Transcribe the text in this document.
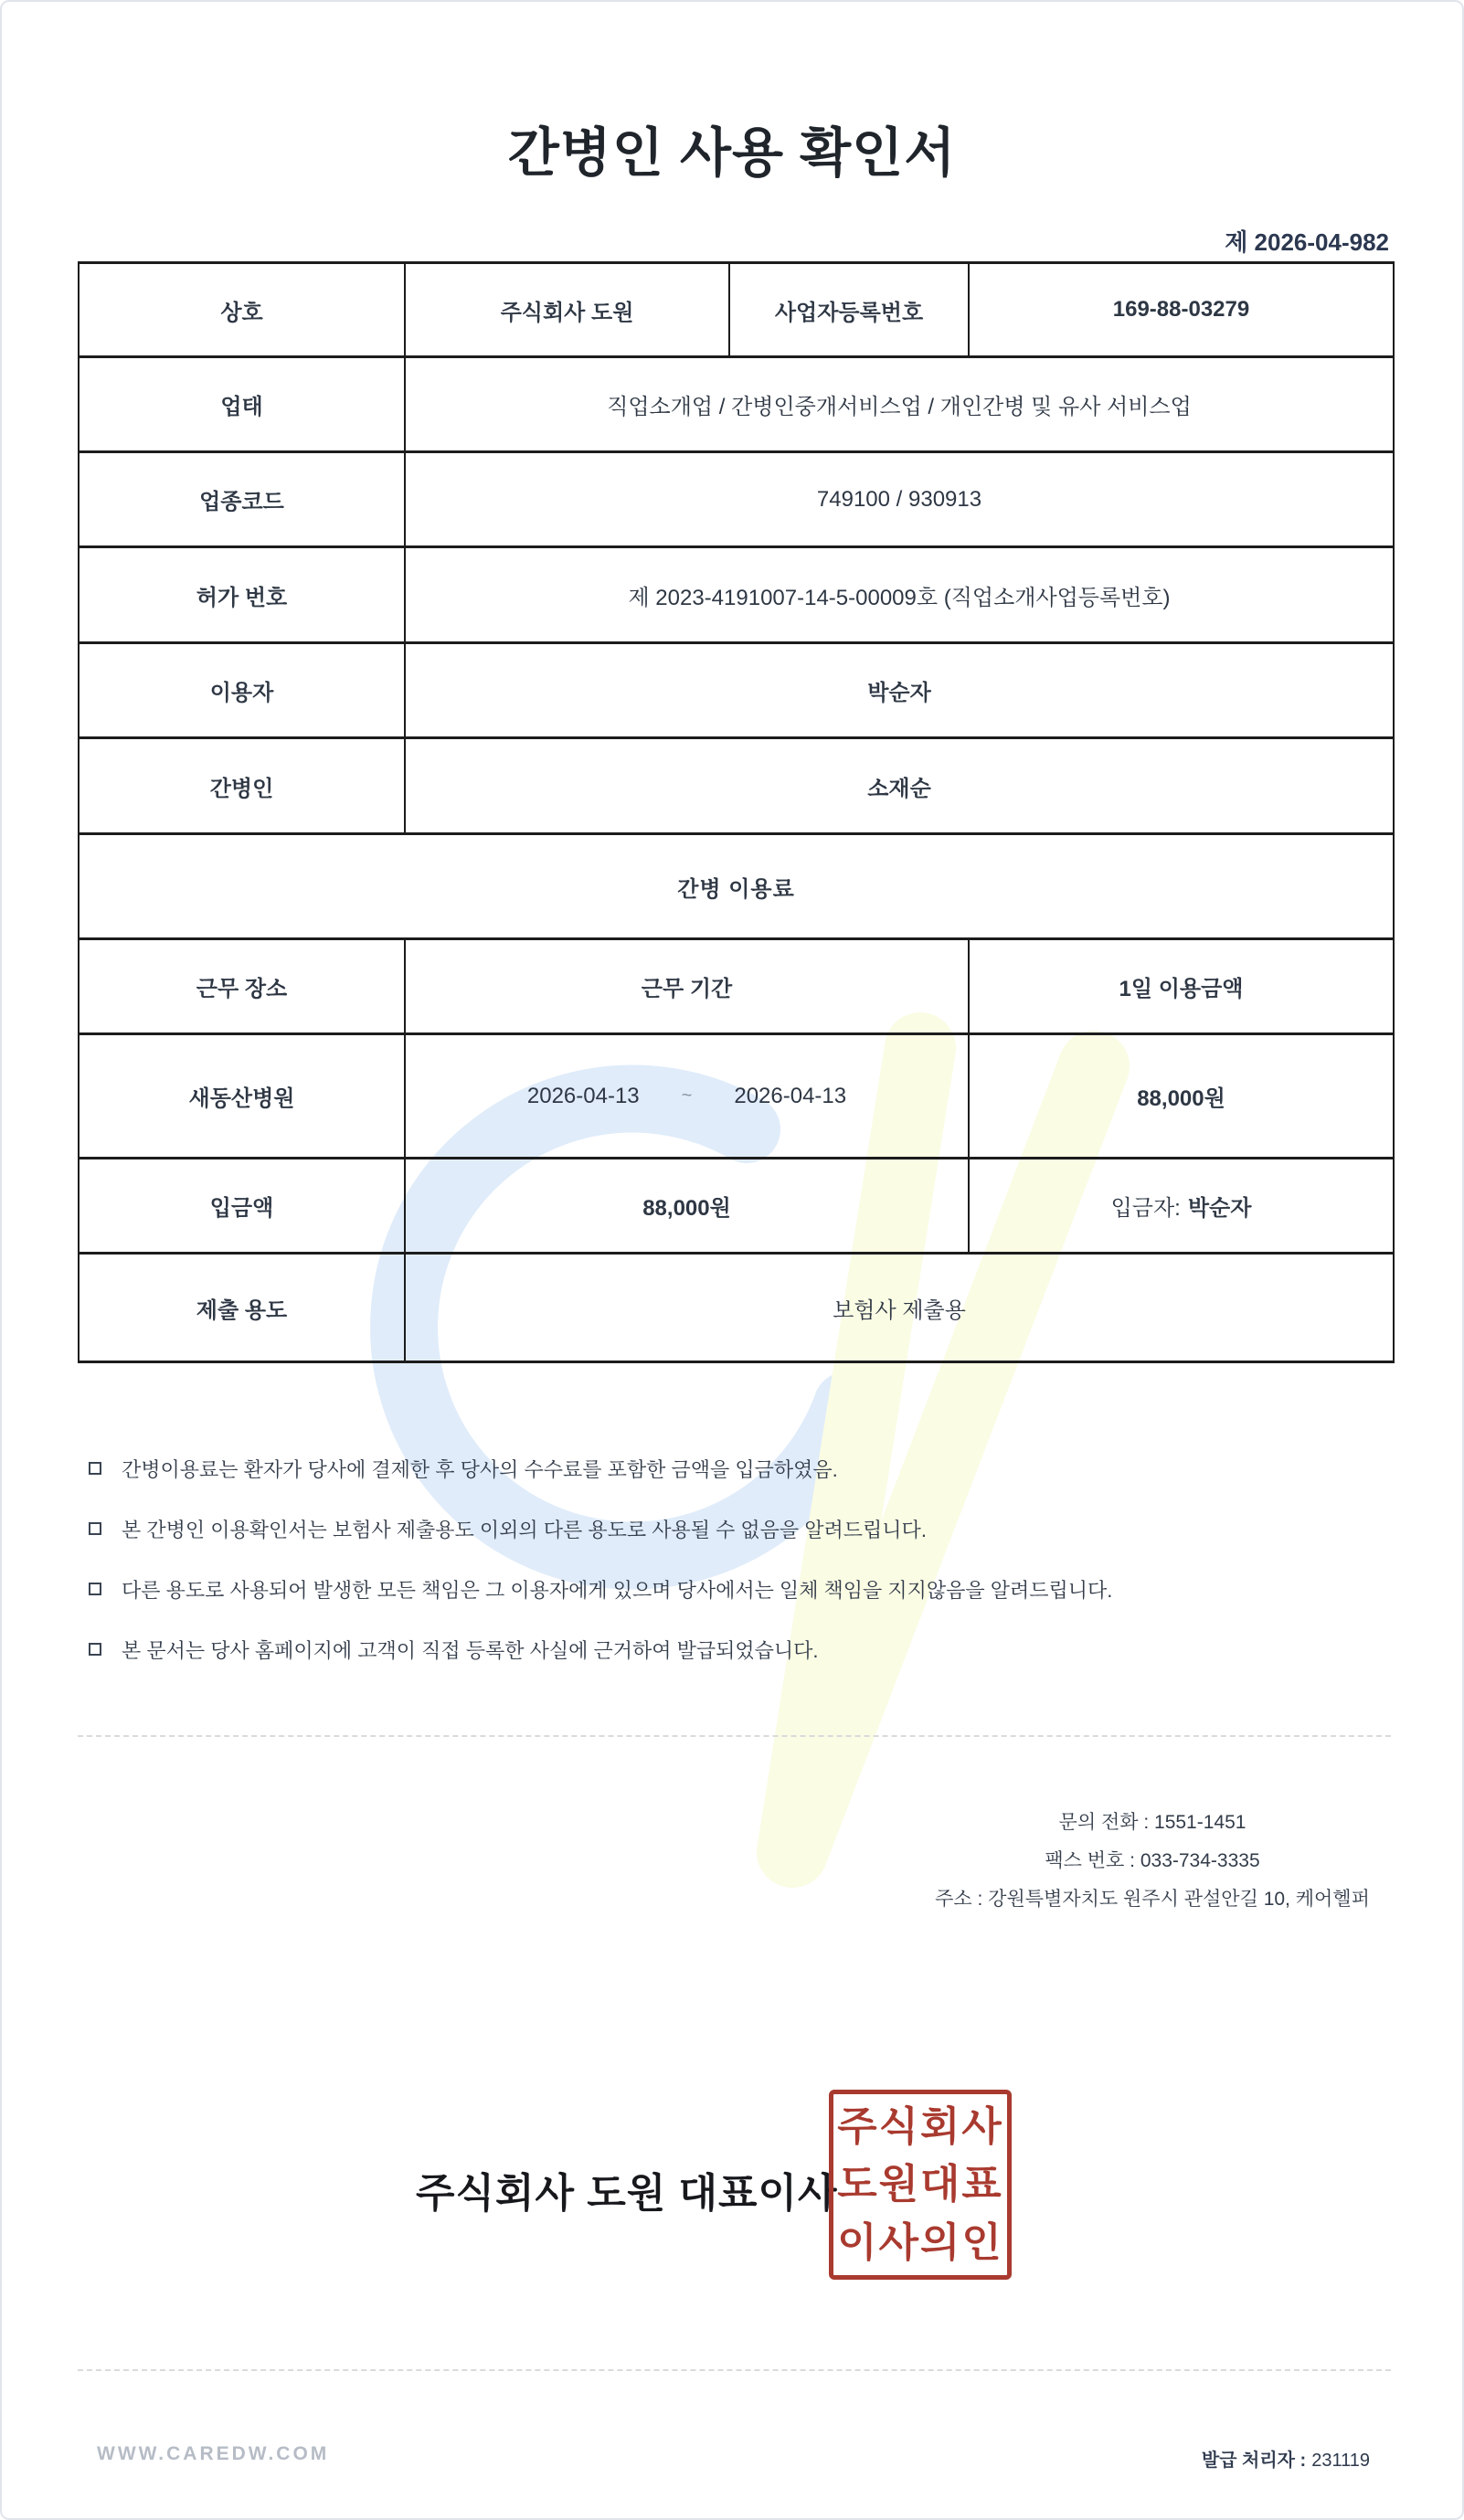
간병인 사용 확인서
제 2026-04-982
상호	주식회사 도원	사업자등록번호	169-88-03279
업태	직업소개업 / 간병인중개서비스업 / 개인간병 및 유사 서비스업		
업종코드	749100 / 930913		
허가 번호	제 2023-4191007-14-5-00009호 (직업소개사업등록번호)		
이용자	박순자		
간병인	소재순		
간병 이용료			
근무 장소	근무 기간		1일 이용금액
새동산병원	2026-04-13 ~ 2026-04-13		88,000원
입금액	88,000원		입금자: 박순자
제출 용도	보험사 제출용		
간병이용료는 환자가 당사에 결제한 후 당사의 수수료를 포함한 금액을 입금하였음.
본 간병인 이용확인서는 보험사 제출용도 이외의 다른 용도로 사용될 수 없음을 알려드립니다.
다른 용도로 사용되어 발생한 모든 책임은 그 이용자에게 있으며 당사에서는 일체 책임을 지지않음을 알려드립니다.
본 문서는 당사 홈페이지에 고객이 직접 등록한 사실에 근거하여 발급되었습니다.
문의 전화 : 1551-1451
팩스 번호 : 033-734-3335
주소 : 강원특별자치도 원주시 관설안길 10, 케어헬퍼
주식회사 도원 대표이사
주식회사
도원대표
이사의인
WWW.CAREDW.COM	발급 처리자 : 231119
